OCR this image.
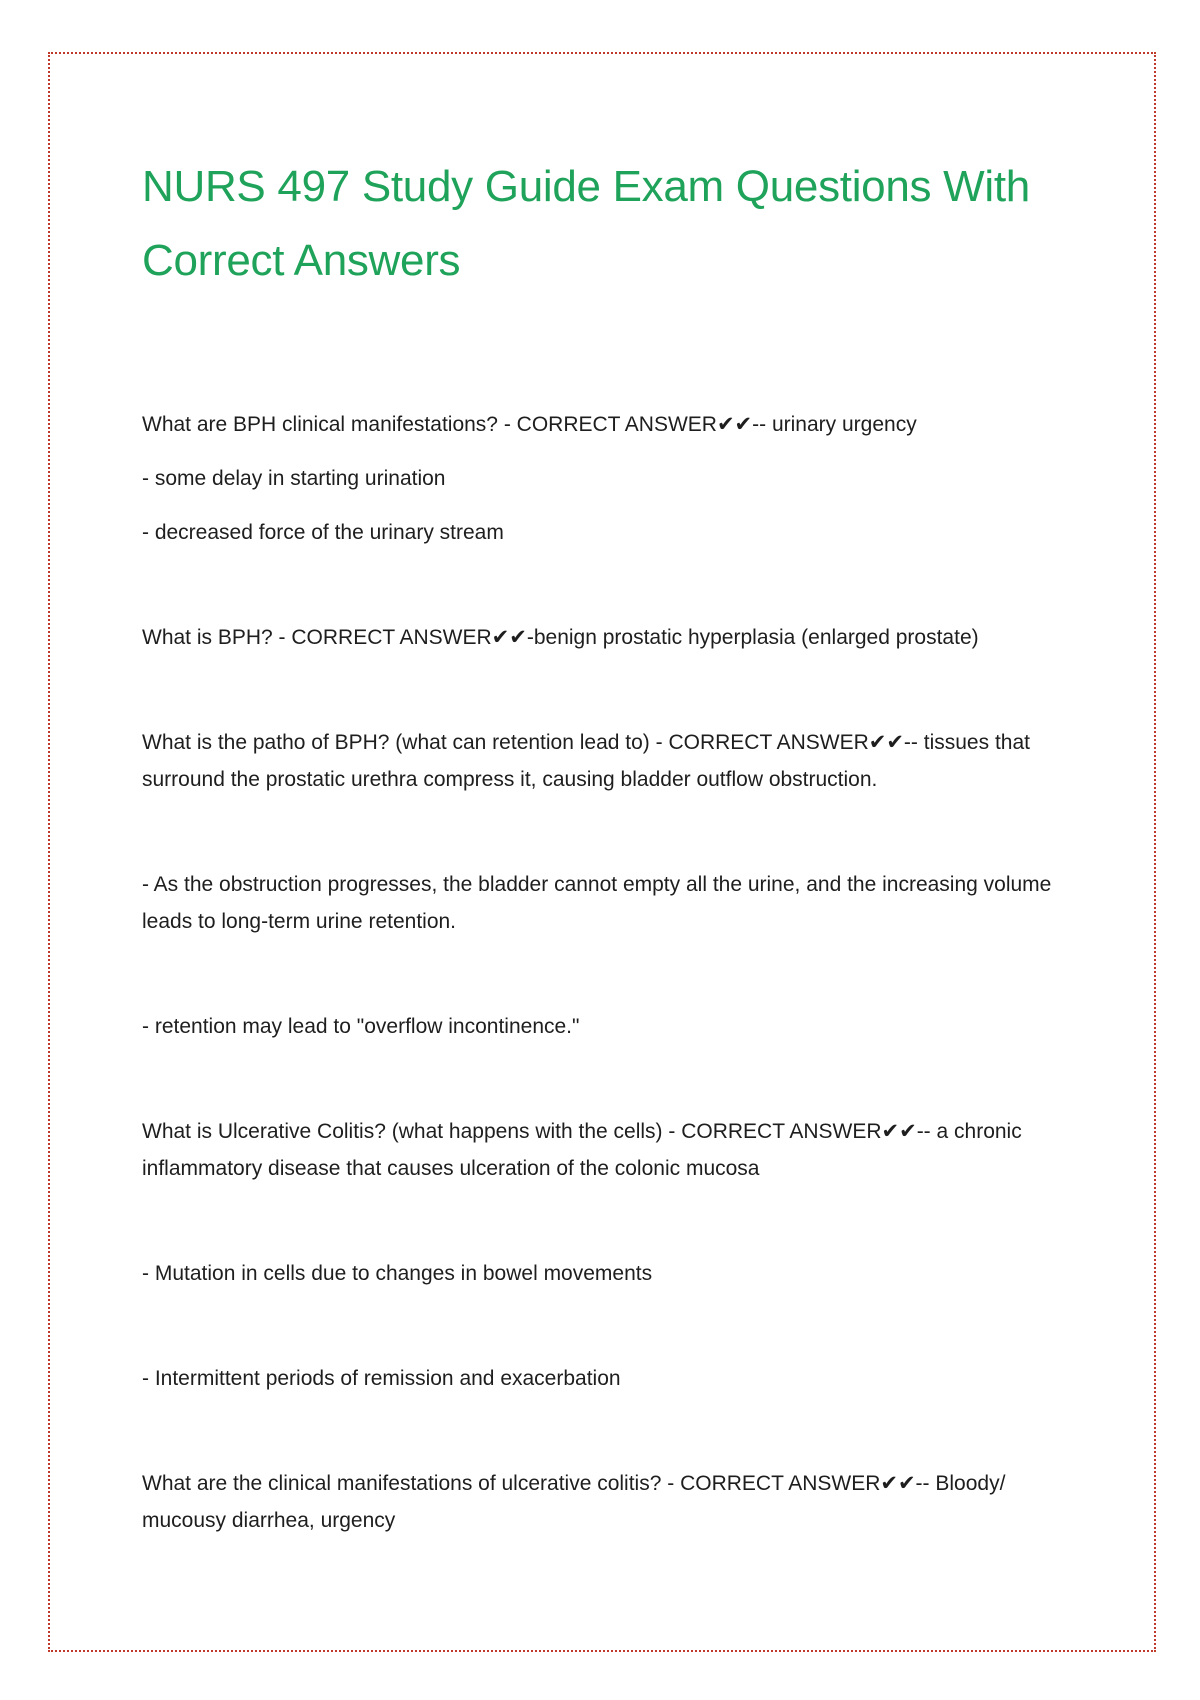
NURS 497 Study Guide Exam Questions With Correct Answers

What are BPH clinical manifestations? - CORRECT ANSWER✔✔-- urinary urgency

- some delay in starting urination

- decreased force of the urinary stream

What is BPH? - CORRECT ANSWER✔✔-benign prostatic hyperplasia (enlarged prostate)

What is the patho of BPH? (what can retention lead to) - CORRECT ANSWER✔✔-- tissues that surround the prostatic urethra compress it, causing bladder outflow obstruction.

- As the obstruction progresses, the bladder cannot empty all the urine, and the increasing volume leads to long-term urine retention.

- retention may lead to "overflow incontinence."

What is Ulcerative Colitis? (what happens with the cells) - CORRECT ANSWER✔✔-- a chronic inflammatory disease that causes ulceration of the colonic mucosa

- Mutation in cells due to changes in bowel movements

- Intermittent periods of remission and exacerbation

What are the clinical manifestations of ulcerative colitis? - CORRECT ANSWER✔✔-- Bloody/ mucousy diarrhea, urgency
